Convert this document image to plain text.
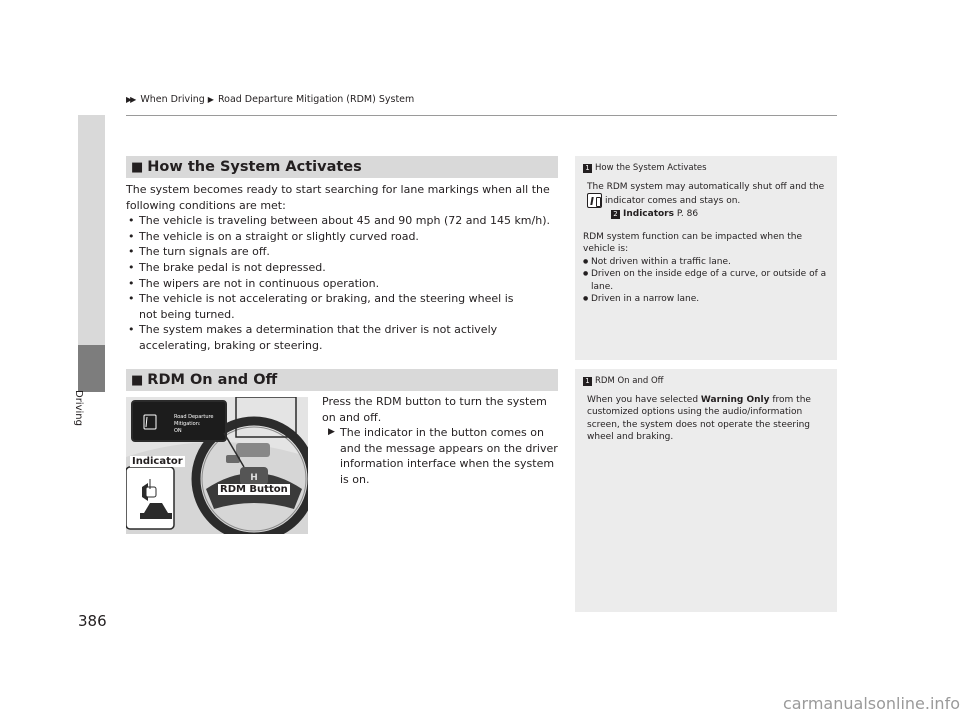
▶▶ When Driving ▶ Road Departure Mitigation (RDM) System
Driving
■ How the System Activates
The system becomes ready to start searching for lane markings when all the
following conditions are met:
• The vehicle is traveling between about 45 and 90 mph (72 and 145 km/h).
• The vehicle is on a straight or slightly curved road.
• The turn signals are off.
• The brake pedal is not depressed.
• The wipers are not in continuous operation.
• The vehicle is not accelerating or braking, and the steering wheel is not being turned.
• The system makes a determination that the driver is not actively accelerating, braking or steering.
■ RDM On and Off
H
Road Departure
Mitigation:
ON
Indicator
RDM Button
Press the RDM button to turn the system on and off.
▶ The indicator in the button comes on and the message appears on the driver information interface when the system is on.
1 How the System Activates
The RDM system may automatically shut off and the
indicator comes and stays on.
2 Indicators P. 86
RDM system function can be impacted when the vehicle is:
● Not driven within a traffic lane.
● Driven on the inside edge of a curve, or outside of a lane.
● Driven in a narrow lane.
1 RDM On and Off
When you have selected Warning Only from the customized options using the audio/information screen, the system does not operate the steering wheel and braking.
386
carmanualsonline.info
